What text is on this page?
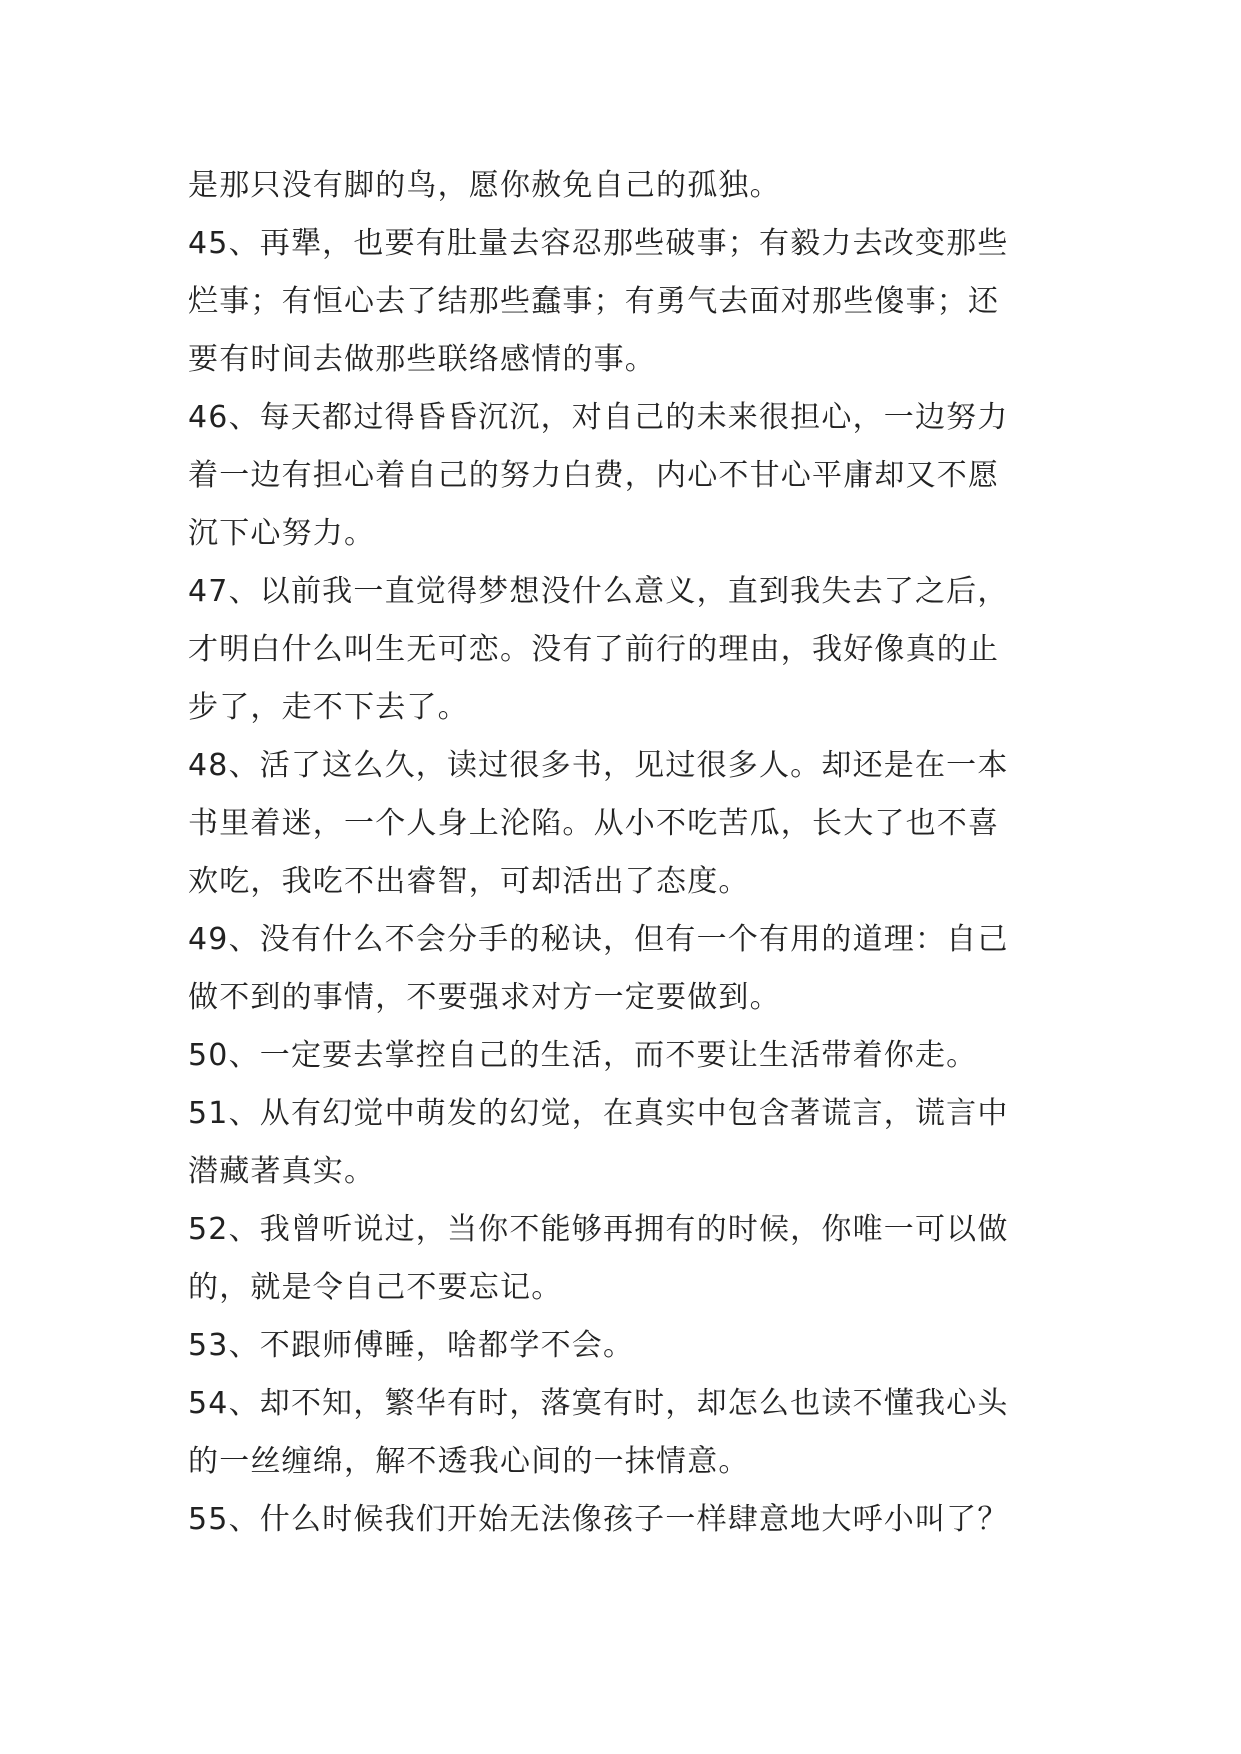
是那只没有脚的鸟，愿你赦免自己的孤独。

45、再犟，也要有肚量去容忍那些破事；有毅力去改变那些

烂事；有恒心去了结那些蠢事；有勇气去面对那些傻事；还

要有时间去做那些联络感情的事。

46、每天都过得昏昏沉沉，对自己的未来很担心，一边努力

着一边有担心着自己的努力白费，内心不甘心平庸却又不愿

沉下心努力。

47、以前我一直觉得梦想没什么意义，直到我失去了之后，

才明白什么叫生无可恋。没有了前行的理由，我好像真的止

步了，走不下去了。

48、活了这么久，读过很多书，见过很多人。却还是在一本

书里着迷，一个人身上沦陷。从小不吃苦瓜，长大了也不喜

欢吃，我吃不出睿智，可却活出了态度。

49、没有什么不会分手的秘诀，但有一个有用的道理：自己

做不到的事情，不要强求对方一定要做到。

50、一定要去掌控自己的生活，而不要让生活带着你走。

51、从有幻觉中萌发的幻觉，在真实中包含著谎言，谎言中

潜藏著真实。

52、我曾听说过，当你不能够再拥有的时候，你唯一可以做

的，就是令自己不要忘记。

53、不跟师傅睡，啥都学不会。

54、却不知，繁华有时，落寞有时，却怎么也读不懂我心头

的一丝缠绵，解不透我心间的一抹情意。

55、什么时候我们开始无法像孩子一样肆意地大呼小叫了？
